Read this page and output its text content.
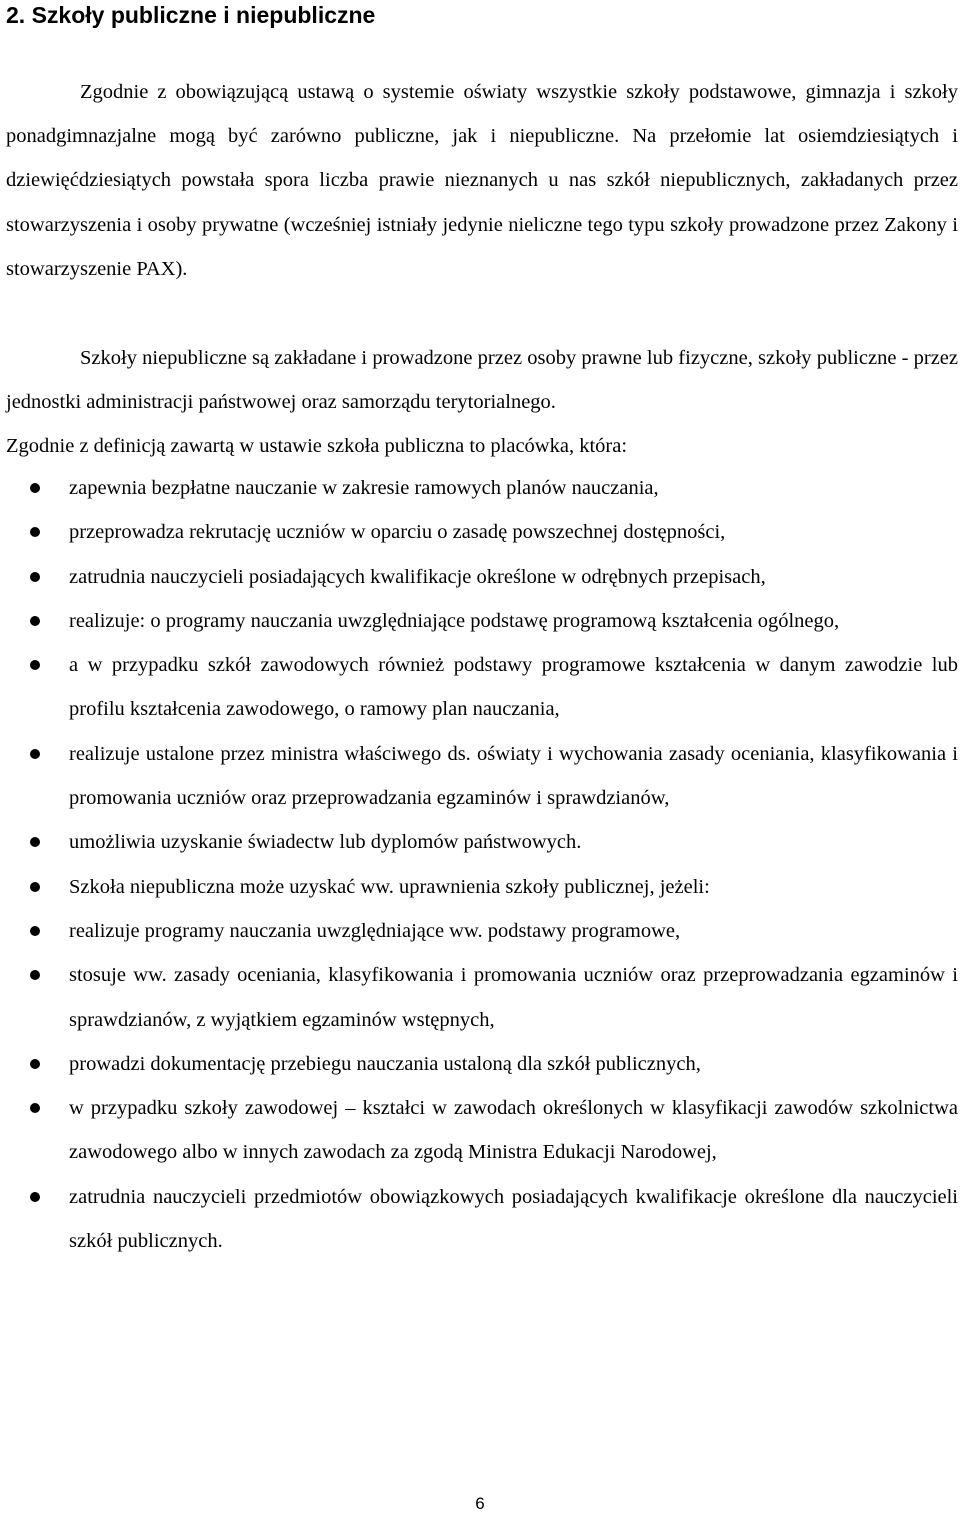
2. Szkoły publiczne i niepubliczne

Zgodnie z obowiązującą ustawą o systemie oświaty wszystkie szkoły podstawowe, gimnazja i szkoły ponadgimnazjalne mogą być zarówno publiczne, jak i niepubliczne. Na przełomie lat osiemdziesiątych i dziewięćdziesiątych powstała spora liczba prawie nieznanych u nas szkół niepublicznych, zakładanych przez stowarzyszenia i osoby prywatne (wcześniej istniały jedynie nieliczne tego typu szkoły prowadzone przez Zakony i stowarzyszenie PAX).

Szkoły niepubliczne są zakładane i prowadzone przez osoby prawne lub fizyczne, szkoły publiczne - przez jednostki administracji państwowej oraz samorządu terytorialnego.

Zgodnie z definicją zawartą w ustawie szkoła publiczna to placówka, która:

zapewnia bezpłatne nauczanie w zakresie ramowych planów nauczania,
przeprowadza rekrutację uczniów w oparciu o zasadę powszechnej dostępności,
zatrudnia nauczycieli posiadających kwalifikacje określone w odrębnych przepisach,
realizuje: o programy nauczania uwzględniające podstawę programową kształcenia ogólnego,
a w przypadku szkół zawodowych również podstawy programowe kształcenia w danym zawodzie lub profilu kształcenia zawodowego, o ramowy plan nauczania,
realizuje ustalone przez ministra właściwego ds. oświaty i wychowania zasady oceniania, klasyfikowania i promowania uczniów oraz przeprowadzania egzaminów i sprawdzianów,
umożliwia uzyskanie świadectw lub dyplomów państwowych.
Szkoła niepubliczna może uzyskać ww. uprawnienia szkoły publicznej, jeżeli:
realizuje programy nauczania uwzględniające ww. podstawy programowe,
stosuje ww. zasady oceniania, klasyfikowania i promowania uczniów oraz przeprowadzania egzaminów i sprawdzianów, z wyjątkiem egzaminów wstępnych,
prowadzi dokumentację przebiegu nauczania ustaloną dla szkół publicznych,
w przypadku szkoły zawodowej – kształci w zawodach określonych w klasyfikacji zawodów szkolnictwa zawodowego albo w innych zawodach za zgodą Ministra Edukacji Narodowej,
zatrudnia nauczycieli przedmiotów obowiązkowych posiadających kwalifikacje określone dla nauczycieli szkół publicznych.
6
